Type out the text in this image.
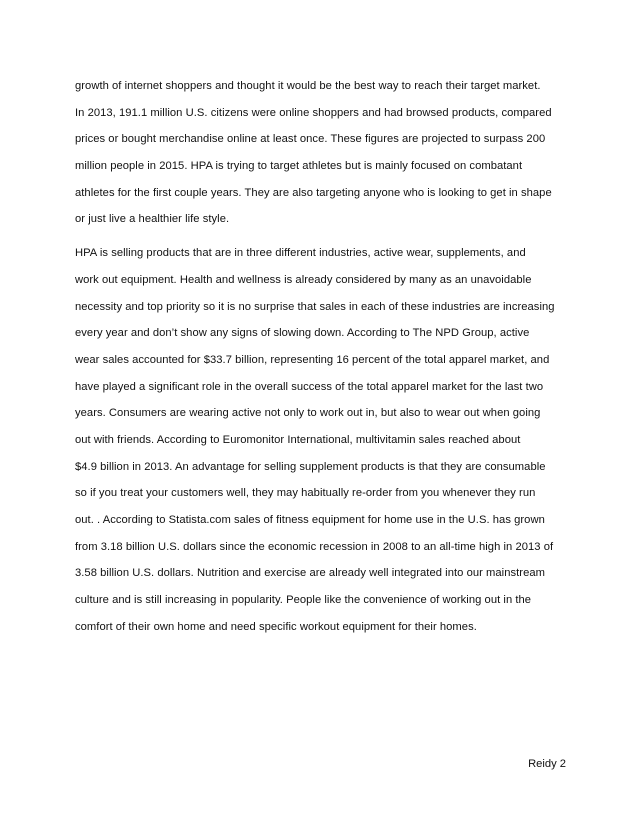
growth of internet shoppers and thought it would be the best way to reach their target market.
In 2013, 191.1 million U.S. citizens were online shoppers and had browsed products, compared
prices or bought merchandise online at least once. These figures are projected to surpass 200
million people in 2015. HPA is trying to target athletes but is mainly focused on combatant
athletes for the first couple years. They are also targeting anyone who is looking to get in shape
or just live a healthier life style.
HPA is selling products that are in three different industries, active wear, supplements, and
work out equipment. Health and wellness is already considered by many as an unavoidable
necessity and top priority so it is no surprise that sales in each of these industries are increasing
every year and don’t show any signs of slowing down. According to The NPD Group, active
wear sales accounted for $33.7 billion, representing 16 percent of the total apparel market, and
have played a significant role in the overall success of the total apparel market for the last two
years. Consumers are wearing active not only to work out in, but also to wear out when going
out with friends. According to Euromonitor International, multivitamin sales reached about
$4.9 billion in 2013. An advantage for selling supplement products is that they are consumable
so if you treat your customers well, they may habitually re-order from you whenever they run
out. . According to Statista.com sales of fitness equipment for home use in the U.S. has grown
from 3.18 billion U.S. dollars since the economic recession in 2008 to an all-time high in 2013 of
3.58 billion U.S. dollars. Nutrition and exercise are already well integrated into our mainstream
culture and is still increasing in popularity. People like the convenience of working out in the
comfort of their own home and need specific workout equipment for their homes.
Reidy 2
